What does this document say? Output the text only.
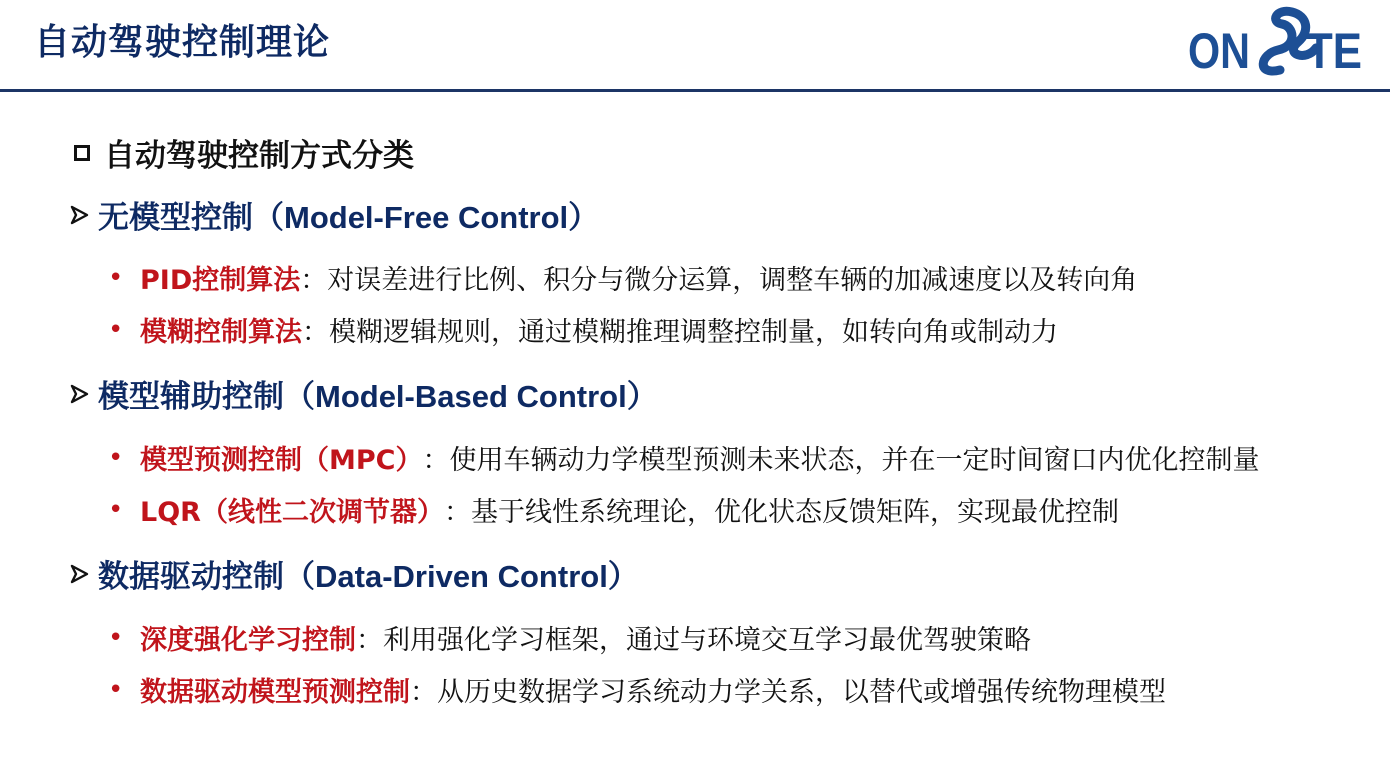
自动驾驶控制理论	ON TE
自动驾驶控制方式分类
无模型控制 （Model-Free Control）
• PID控制算法 ： 对误差进行比例、积分与微分运算，调整车辆的加减速度以及转向角
• 模糊控制算法 ： 模糊逻辑规则，通过模糊推理调整控制量，如转向角或制动力
模型辅助控制 （Model-Based Control）
• 模型预测控制（MPC） ： 使用车辆动力学模型预测未来状态，并在一定时间窗口内优化控制量
• LQR（线性二次调节器） ： 基于线性系统理论，优化状态反馈矩阵，实现最优控制
数据驱动控制 （Data-Driven Control）
• 深度强化学习控制 ： 利用强化学习框架，通过与环境交互学习最优驾驶策略
• 数据驱动模型预测控制 ： 从历史数据学习系统动力学关系，以替代或增强传统物理模型
